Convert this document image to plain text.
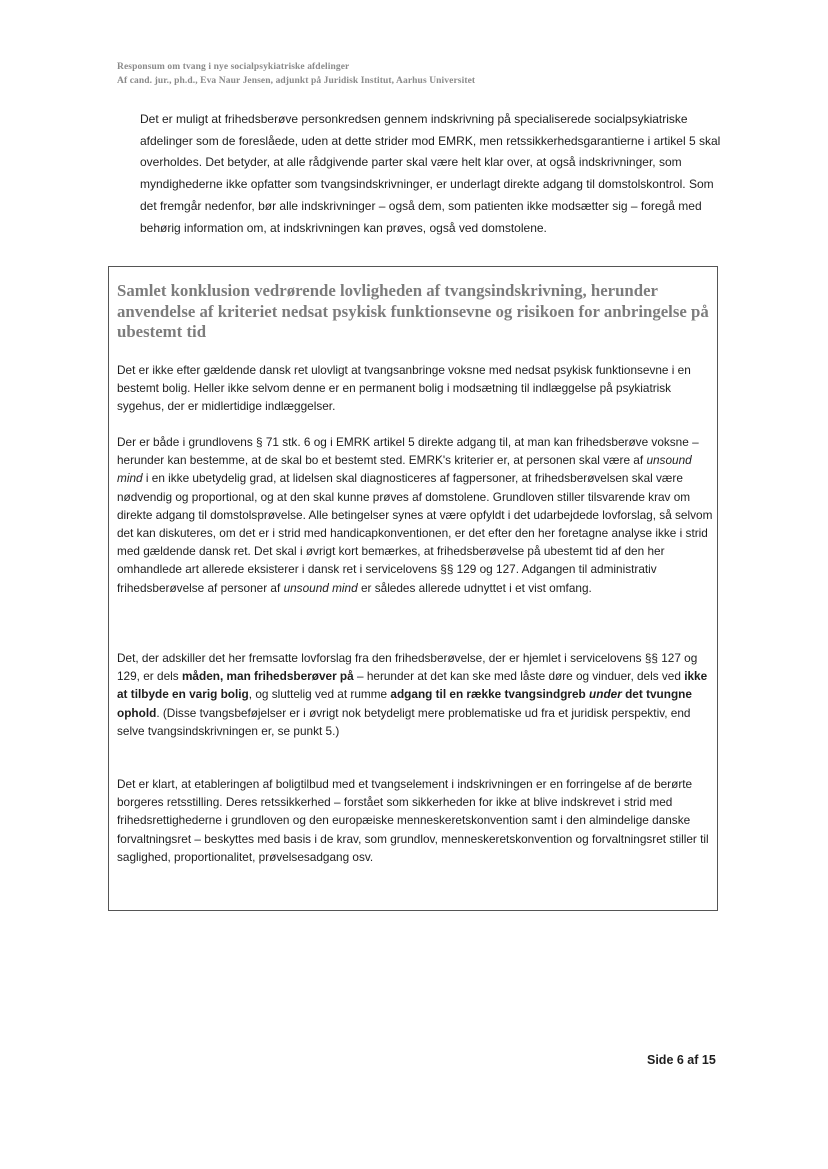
Responsum om tvang i nye socialpsykiatriske afdelinger
Af cand. jur., ph.d., Eva Naur Jensen, adjunkt på Juridisk Institut, Aarhus Universitet

Det er muligt at frihedsberøve personkredsen gennem indskrivning på specialiserede socialpsykiatriske afdelinger som de foreslåede, uden at dette strider mod EMRK, men retssikkerhedsgarantierne i artikel 5 skal overholdes. Det betyder, at alle rådgivende parter skal være helt klar over, at også indskrivninger, som myndighederne ikke opfatter som tvangsindskrivninger, er underlagt direkte adgang til domstolskontrol. Som det fremgår nedenfor, bør alle indskrivninger – også dem, som patienten ikke modsætter sig – foregå med behørig information om, at indskrivningen kan prøves, også ved domstolene.

Samlet konklusion vedrørende lovligheden af tvangsindskrivning, herunder anvendelse af kriteriet nedsat psykisk funktionsevne og risikoen for anbringelse på ubestemt tid

Det er ikke efter gældende dansk ret ulovligt at tvangsanbringe voksne med nedsat psykisk funktionsevne i en bestemt bolig. Heller ikke selvom denne er en permanent bolig i modsætning til indlæggelse på psykiatrisk sygehus, der er midlertidige indlæggelser.

Der er både i grundlovens § 71 stk. 6 og i EMRK artikel 5 direkte adgang til, at man kan frihedsberøve voksne – herunder kan bestemme, at de skal bo et bestemt sted. EMRK's kriterier er, at personen skal være af unsound mind i en ikke ubetydelig grad, at lidelsen skal diagnosticeres af fagpersoner, at frihedsberøvelsen skal være nødvendig og proportional, og at den skal kunne prøves af domstolene. Grundloven stiller tilsvarende krav om direkte adgang til domstolsprøvelse. Alle betingelser synes at være opfyldt i det udarbejdede lovforslag, så selvom det kan diskuteres, om det er i strid med handicapkonventionen, er det efter den her foretagne analyse ikke i strid med gældende dansk ret. Det skal i øvrigt kort bemærkes, at frihedsberøvelse på ubestemt tid af den her omhandlede art allerede eksisterer i dansk ret i servicelovens §§ 129 og 127. Adgangen til administrativ frihedsberøvelse af personer af unsound mind er således allerede udnyttet i et vist omfang.

Det, der adskiller det her fremsatte lovforslag fra den frihedsberøvelse, der er hjemlet i servicelovens §§ 127 og 129, er dels måden, man frihedsberøver på – herunder at det kan ske med låste døre og vinduer, dels ved ikke at tilbyde en varig bolig, og sluttelig ved at rumme adgang til en række tvangsindgreb under det tvungne ophold. (Disse tvangsbeføjelser er i øvrigt nok betydeligt mere problematiske ud fra et juridisk perspektiv, end selve tvangsindskrivningen er, se punkt 5.)

Det er klart, at etableringen af boligtilbud med et tvangselement i indskrivningen er en forringelse af de berørte borgeres retsstilling. Deres retssikkerhed – forstået som sikkerheden for ikke at blive indskrevet i strid med frihedsrettighederne i grundloven og den europæiske menneskeretskonvention samt i den almindelige danske forvaltningsret – beskyttes med basis i de krav, som grundlov, menneskeretskonvention og forvaltningsret stiller til saglighed, proportionalitet, prøvelsesadgang osv.

Side 6 af 15
